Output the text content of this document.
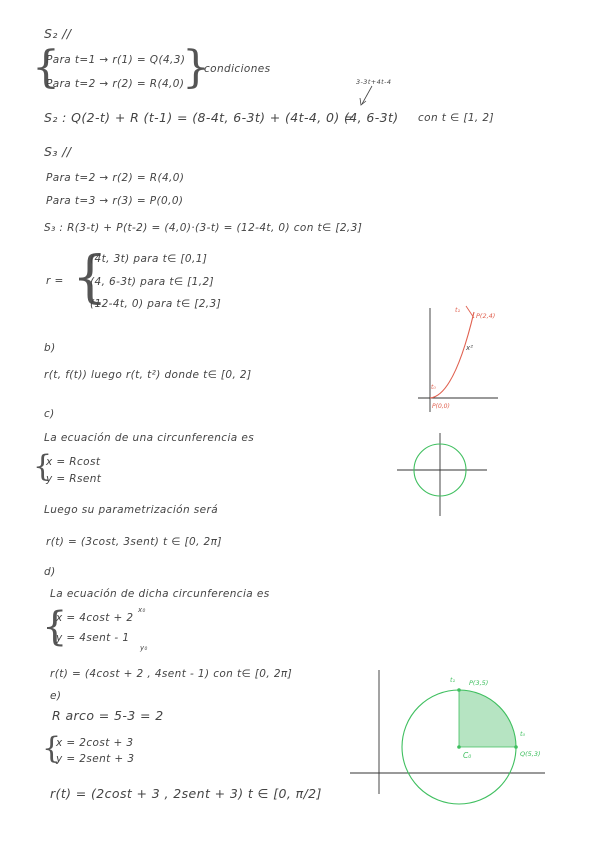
S₂ //
{
Para t=1 → r(1) = Q(4,3)
Para t=2 → r(2) = R(4,0)
}
condiciones
3-3t+4t-4
S₂ : Q(2-t) + R (t-1) = (8-4t, 6-3t) + (4t-4, 0) =
(4, 6-3t) con t ∈ [1, 2]
S₃ //
Para t=2 → r(2) = R(4,0)
Para t=3 → r(3) = P(0,0)
S₃ : R(3-t) + P(t-2) = (4,0)·(3-t) = (12-4t, 0) con t∈ [2,3]
r = {
(4t, 3t) para t∈ [0,1]
(4, 6-3t) para t∈ [1,2]
(12-4t, 0) para t∈ [2,3]
b)
r(t, f(t)) luego r(t, t²) donde t∈ [0, 2]
c)
La ecuación de una circunferencia es
{
x = Rcost
y = Rsent
Luego su parametrización será
r(t) = (3cost, 3sent) t ∈ [0, 2π]
d)
La ecuación de dicha circunferencia es
{
x = 4cost + 2
x₀
y = 4sent - 1
y₀
r(t) = (4cost + 2 , 4sent - 1) con t∈ [0, 2π]
e)
R arco = 5-3 = 2
{
x = 2cost + 3
y = 2sent + 3
r(t) = (2cost + 3 , 2sent + 3) t ∈ [0, π/2]
P(2,4)
t₁
x²
t₀
P(0,0)
t₁ P(3,5)
t₀
Q(5,3)
C₀
